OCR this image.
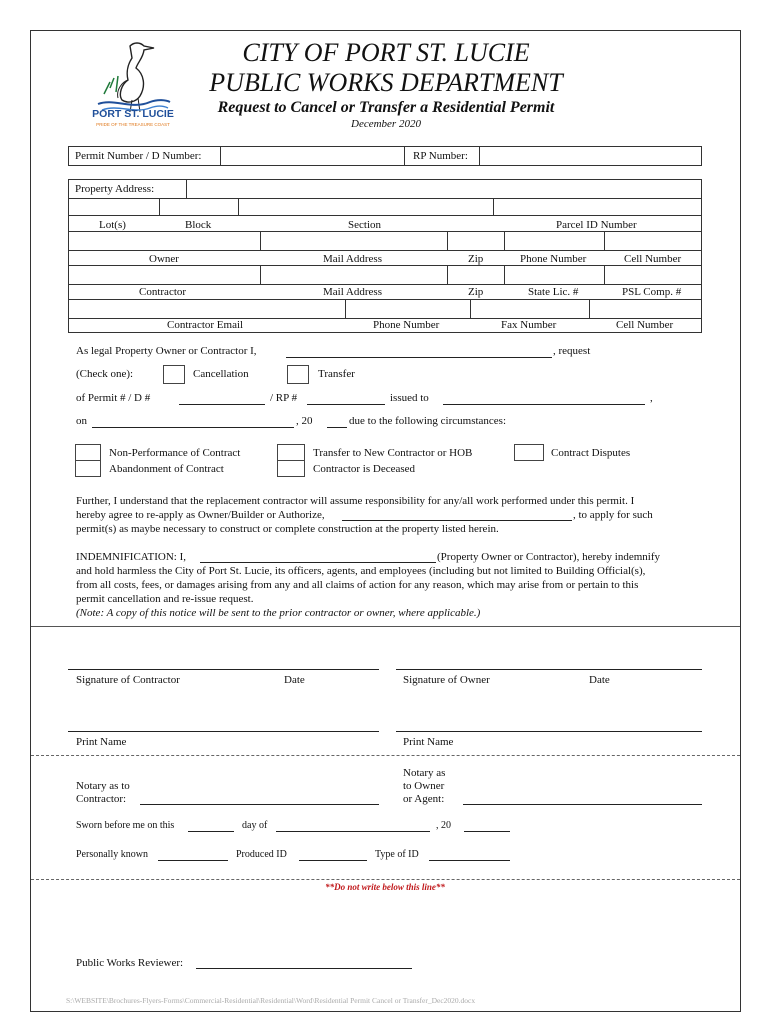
PORT ST. LUCIE
PRIDE OF THE TREASURE COAST
CITY OF PORT ST. LUCIE
PUBLIC WORKS DEPARTMENT
Request to Cancel or Transfer a Residential Permit
December 2020
Permit Number / D Number:	RP Number:
Property Address:
Lot(s)	Block	Section	Parcel ID Number
Owner	Mail Address	Zip	Phone Number	Cell Number
Contractor	Mail Address	Zip	State Lic. #	PSL Comp. #
Contractor Email	Phone Number	Fax Number	Cell Number
As legal Property Owner or Contractor I,	, request
(Check one):	Cancellation	Transfer
of Permit # / D #	/ RP #	issued to	,
on	, 20	due to the following circumstances:
Non-Performance of Contract
Abandonment of Contract
Transfer to New Contractor or HOB
Contractor is Deceased
Contract Disputes
Further, I understand that the replacement contractor will assume responsibility for any/all work performed under this permit. I
hereby agree to re-apply as Owner/Builder or Authorize,	, to apply for such
permit(s) as maybe necessary to construct or complete construction at the property listed herein.
INDEMNIFICATION: I,	(Property Owner or Contractor), hereby indemnify
and hold harmless the City of Port St. Lucie, its officers, agents, and employees (including but not limited to Building Official(s),
from all costs, fees, or damages arising from any and all claims of action for any reason, which may arise from or pertain to this
permit cancellation and re-issue request.
(Note: A copy of this notice will be sent to the prior contractor or owner, where applicable.)
Signature of Contractor	Date	Signature of Owner	Date
Print Name	Print Name
Notary as to
Contractor:
Notary as
to Owner
or Agent:
Sworn before me on this	day of	, 20
Personally known	Produced ID	Type of ID
**Do not write below this line**
Public Works Reviewer:
S:\WEBSITE\Brochures-Flyers-Forms\Commercial-Residential\Residential\Word\Residential Permit Cancel or Transfer_Dec2020.docx
